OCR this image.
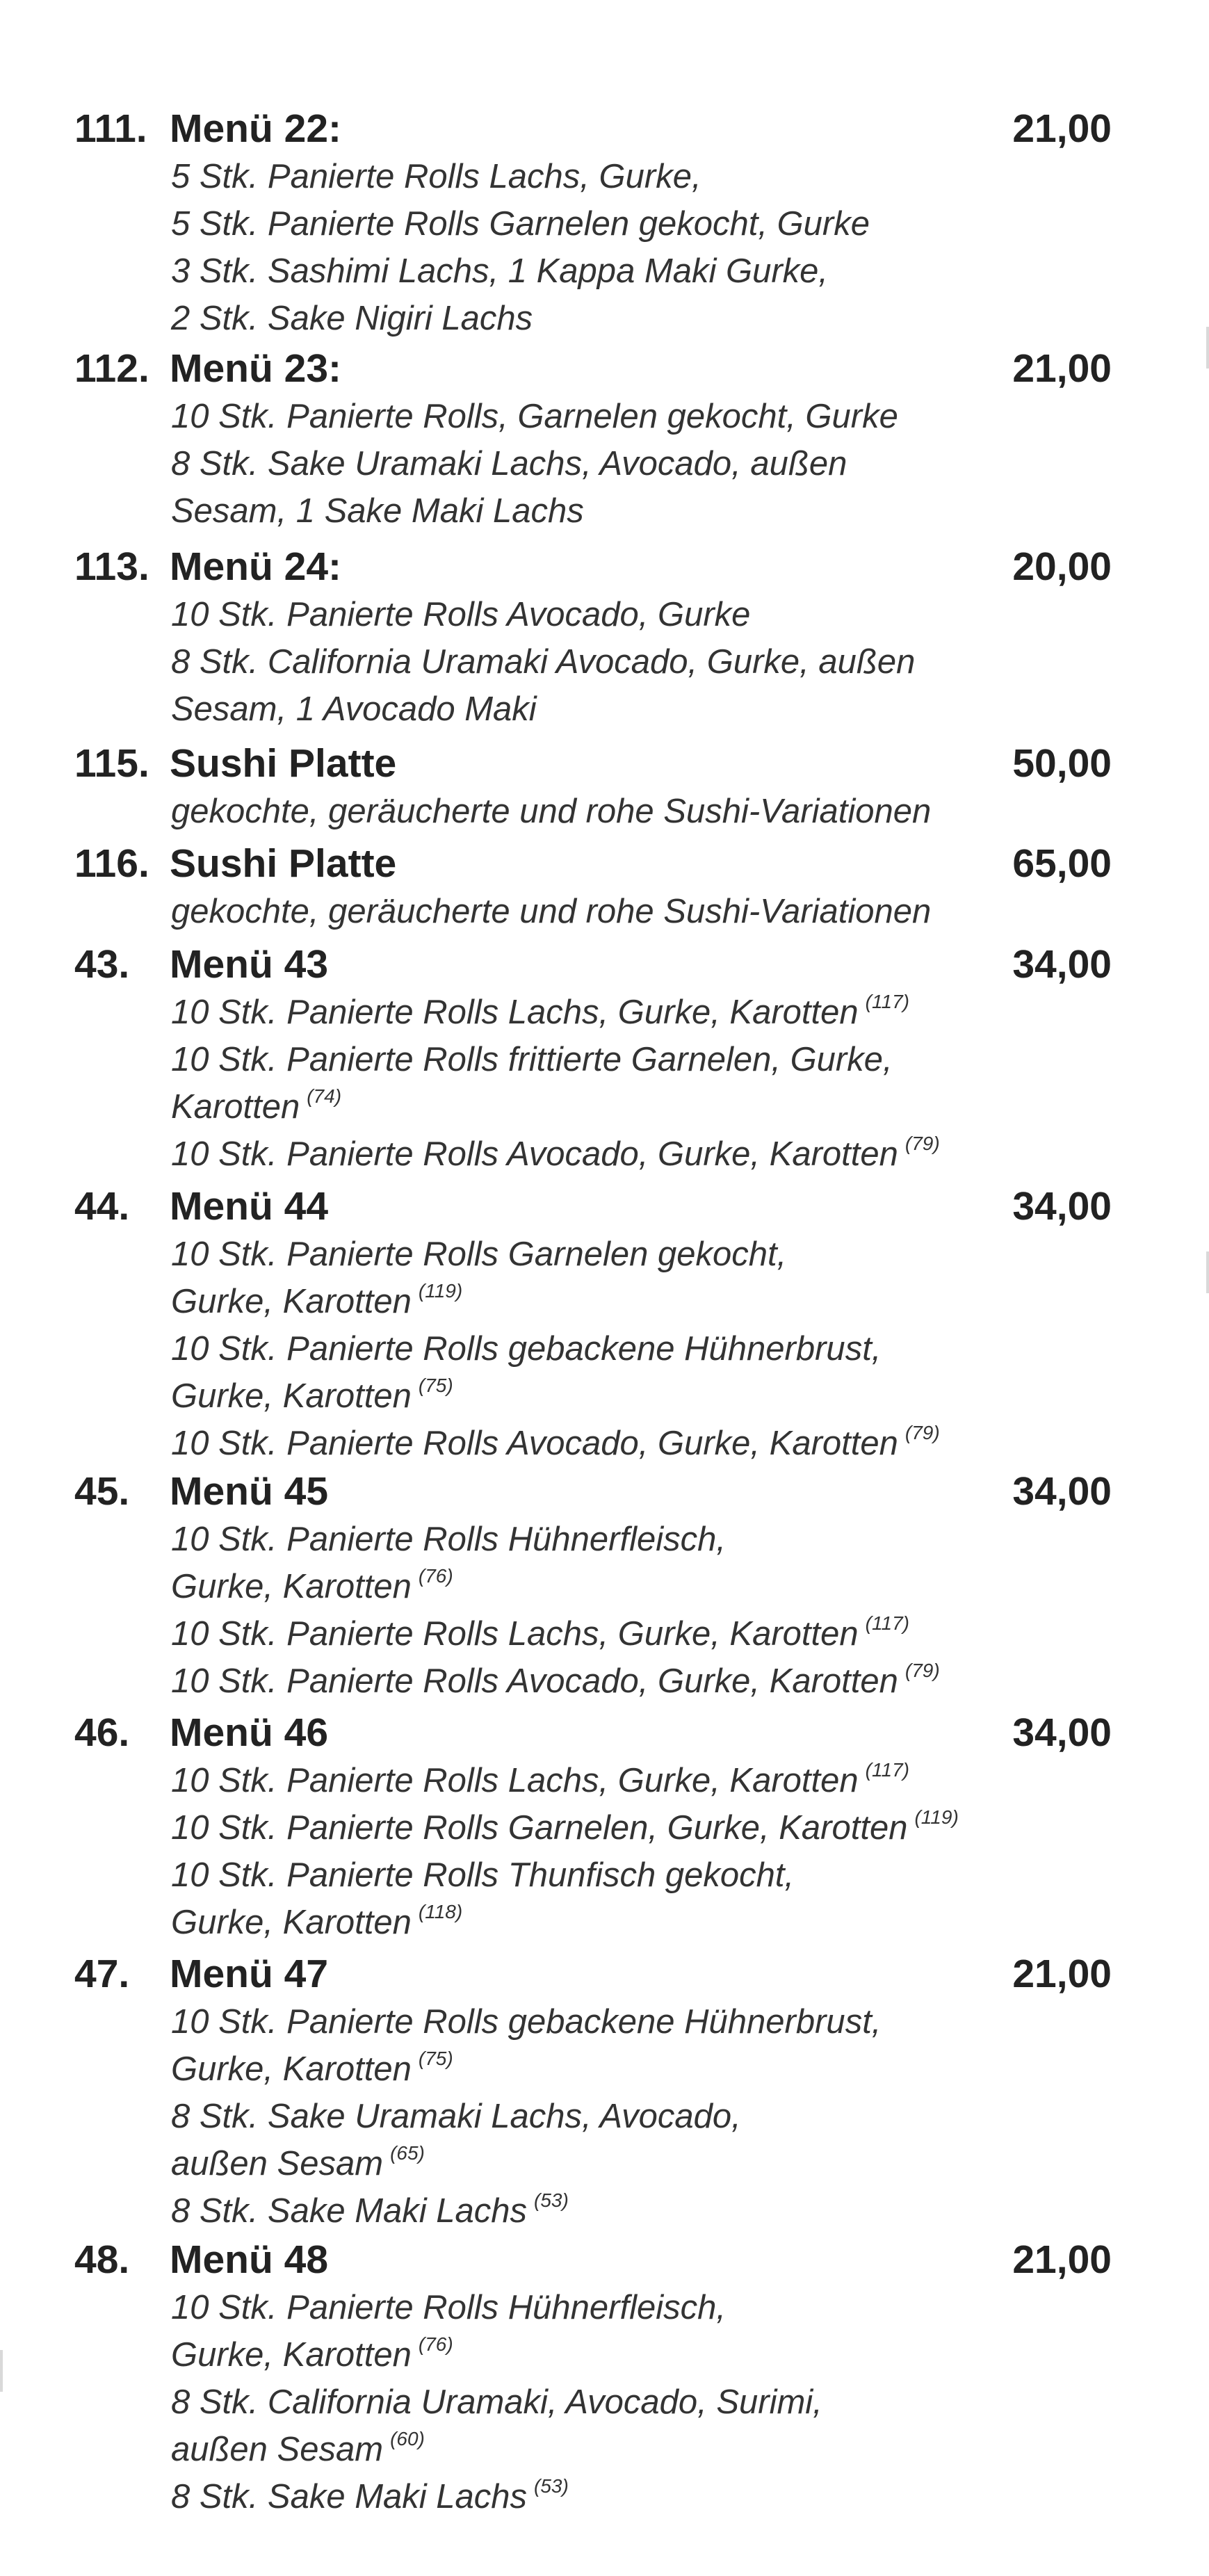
111. Menü 22:	21,00
5 Stk. Panierte Rolls Lachs, Gurke,
5 Stk. Panierte Rolls Garnelen gekocht, Gurke
3 Stk. Sashimi Lachs, 1 Kappa Maki Gurke,
2 Stk. Sake Nigiri Lachs
112. Menü 23:	21,00
10 Stk. Panierte Rolls, Garnelen gekocht, Gurke
8 Stk. Sake Uramaki Lachs, Avocado, außen
Sesam, 1 Sake Maki Lachs
113. Menü 24:	20,00
10 Stk. Panierte Rolls Avocado, Gurke
8 Stk. California Uramaki Avocado, Gurke, außen
Sesam, 1 Avocado Maki
115. Sushi Platte	50,00
gekochte, geräucherte und rohe Sushi-Variationen
116. Sushi Platte	65,00
gekochte, geräucherte und rohe Sushi-Variationen
43. Menü 43	34,00
10 Stk. Panierte Rolls Lachs, Gurke, Karotten $^{(117)}$
10 Stk. Panierte Rolls frittierte Garnelen, Gurke,
Karotten $^{(74)}$
10 Stk. Panierte Rolls Avocado, Gurke, Karotten $^{(79)}$
44. Menü 44	34,00
10 Stk. Panierte Rolls Garnelen gekocht,
Gurke, Karotten $^{(119)}$
10 Stk. Panierte Rolls gebackene Hühnerbrust,
Gurke, Karotten $^{(75)}$
10 Stk. Panierte Rolls Avocado, Gurke, Karotten $^{(79)}$
45. Menü 45	34,00
10 Stk. Panierte Rolls Hühnerfleisch,
Gurke, Karotten $^{(76)}$
10 Stk. Panierte Rolls Lachs, Gurke, Karotten $^{(117)}$
10 Stk. Panierte Rolls Avocado, Gurke, Karotten $^{(79)}$
46. Menü 46	34,00
10 Stk. Panierte Rolls Lachs, Gurke, Karotten $^{(117)}$
10 Stk. Panierte Rolls Garnelen, Gurke, Karotten $^{(119)}$
10 Stk. Panierte Rolls Thunfisch gekocht,
Gurke, Karotten $^{(118)}$
47. Menü 47	21,00
10 Stk. Panierte Rolls gebackene Hühnerbrust,
Gurke, Karotten $^{(75)}$
8 Stk. Sake Uramaki Lachs, Avocado,
außen Sesam $^{(65)}$
8 Stk. Sake Maki Lachs $^{(53)}$
48. Menü 48	21,00
10 Stk. Panierte Rolls Hühnerfleisch,
Gurke, Karotten $^{(76)}$
8 Stk. California Uramaki, Avocado, Surimi,
außen Sesam $^{(60)}$
8 Stk. Sake Maki Lachs $^{(53)}$
